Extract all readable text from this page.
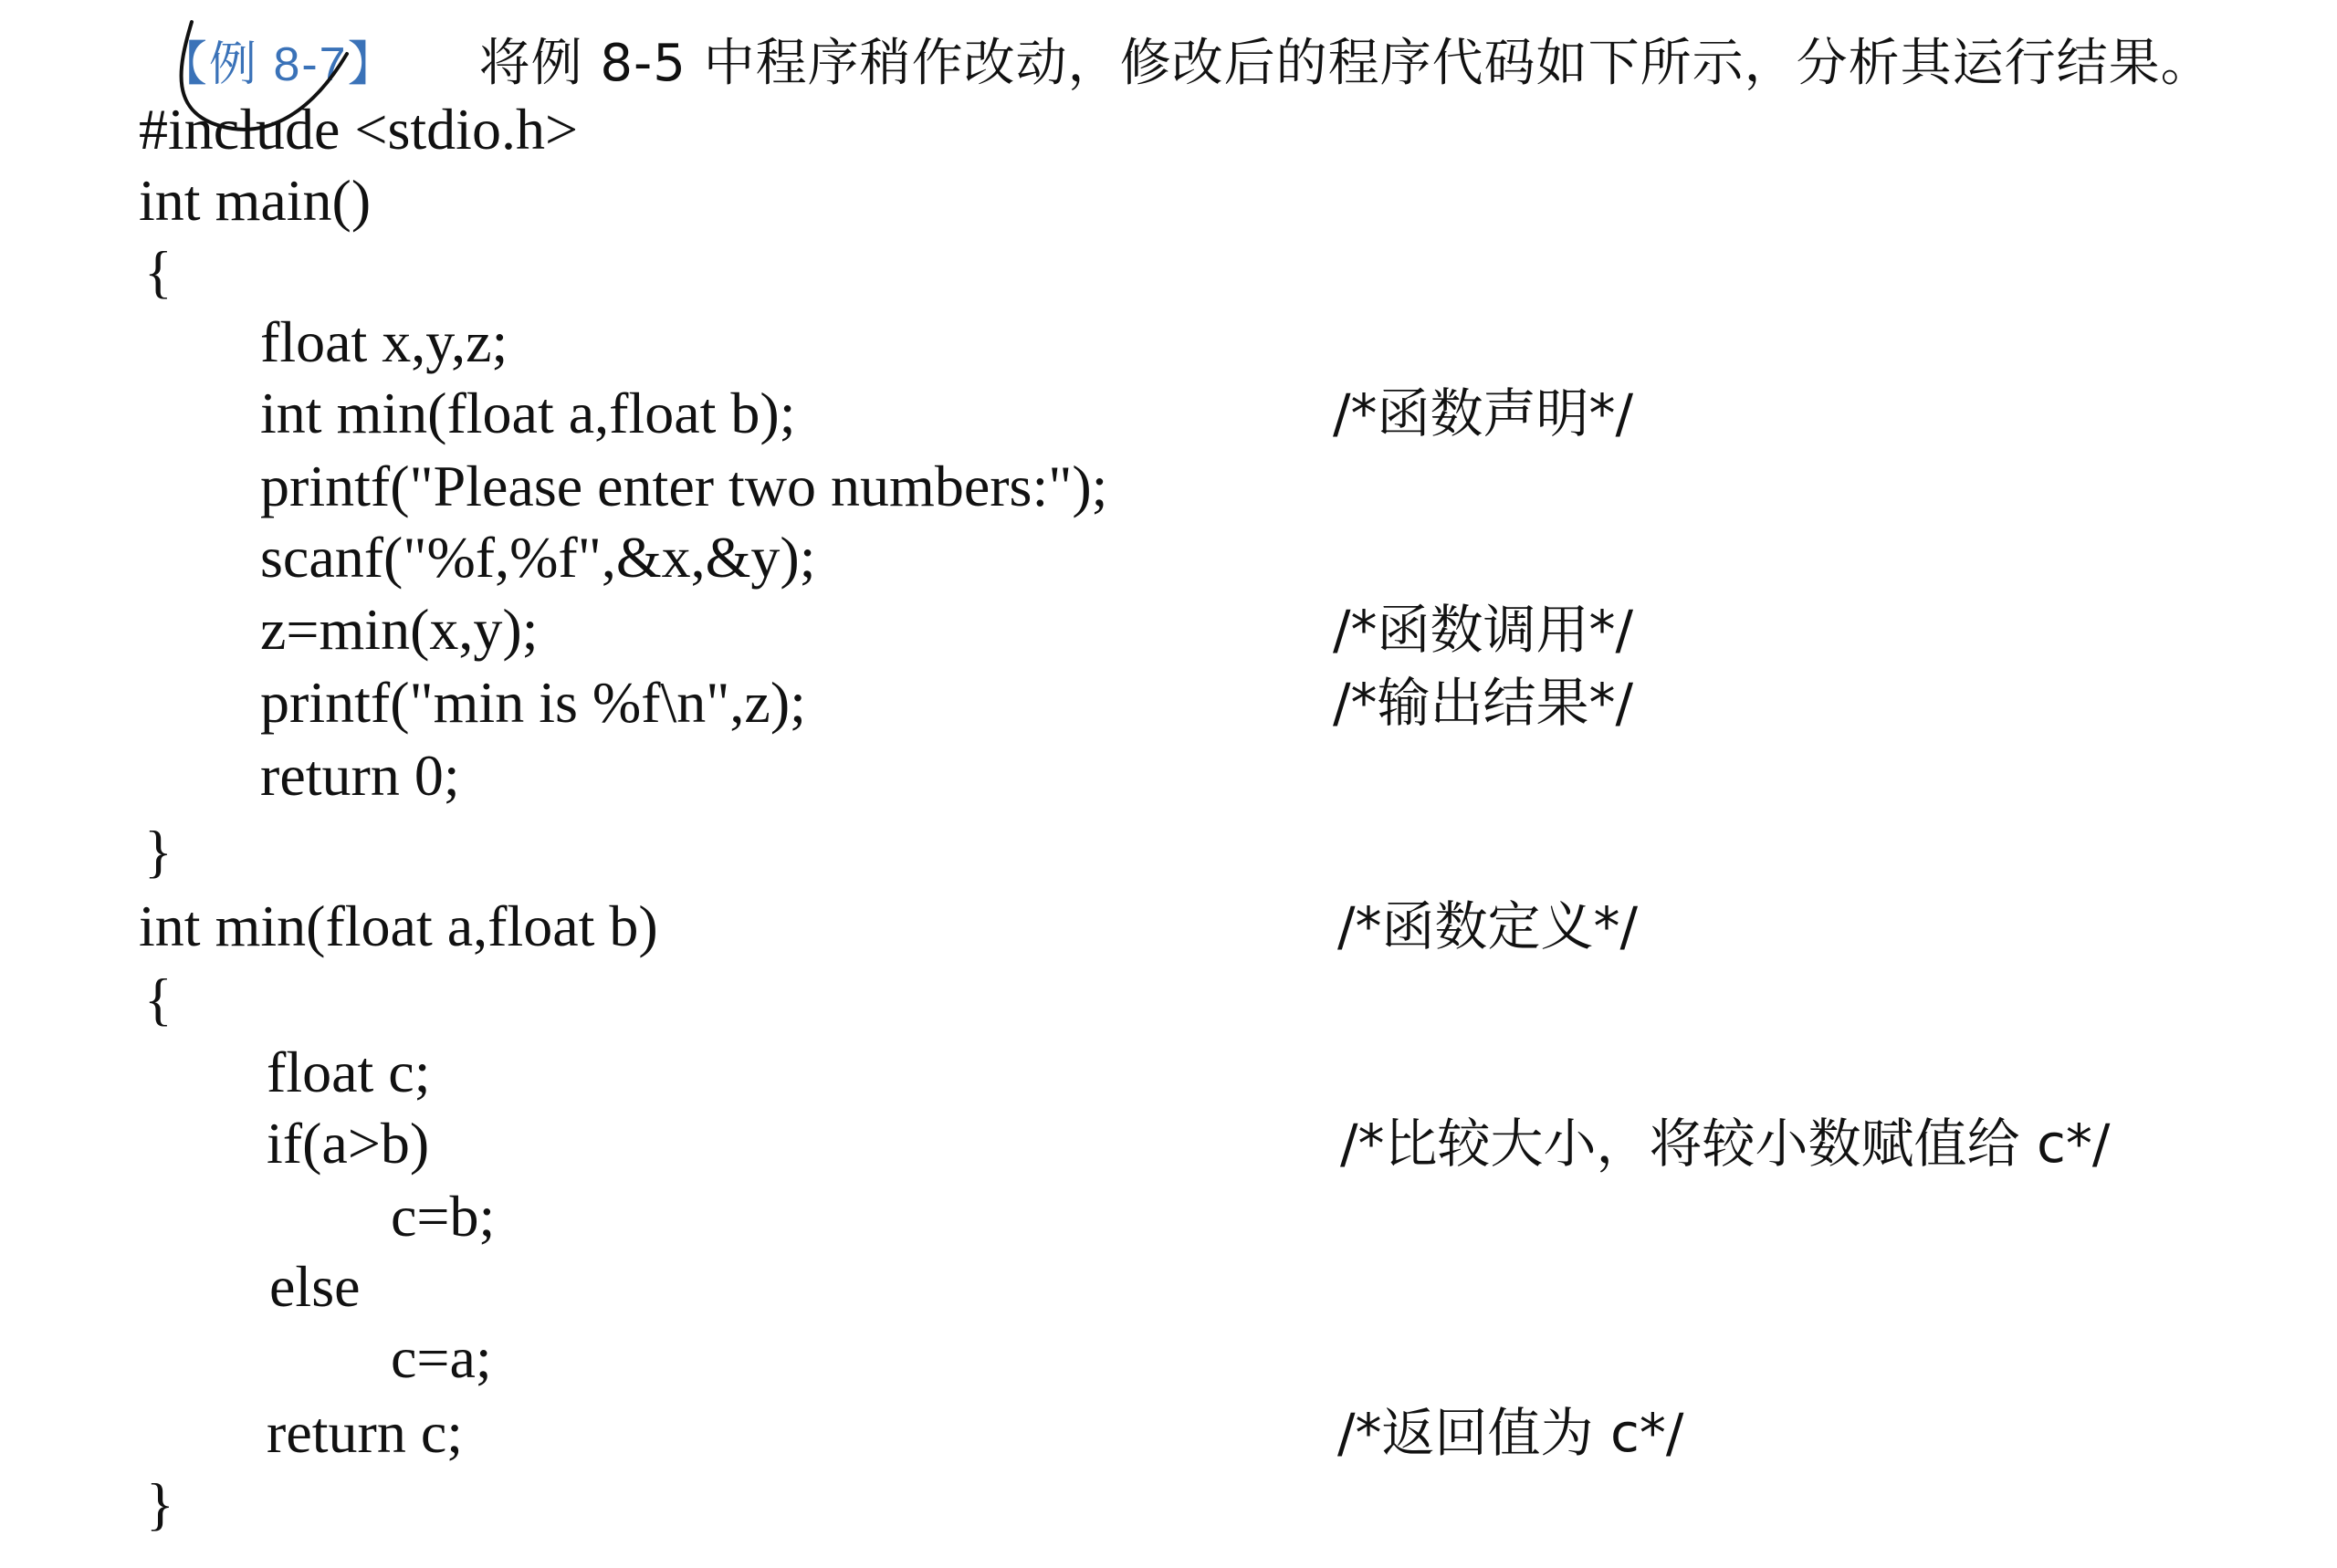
【例 8-7】 将例 8-5 中程序稍作改动，修改后的程序代码如下所示，分析其运行结果。
#include <stdio.h>
int main()
{
float x,y,z;
int min(float a,float b);
printf("Please enter two numbers:");
scanf("%f,%f",&x,&y);
z=min(x,y);
printf("min is %f\n",z);
return 0;
}
int min(float a,float b)
{
float c;
if(a>b)
c=b;
else
c=a;
return c;
}
/*函数声明*/
/*函数调用*/
/*输出结果*/
/*函数定义*/
/*比较大小，将较小数赋值给 c*/
/*返回值为 c*/
